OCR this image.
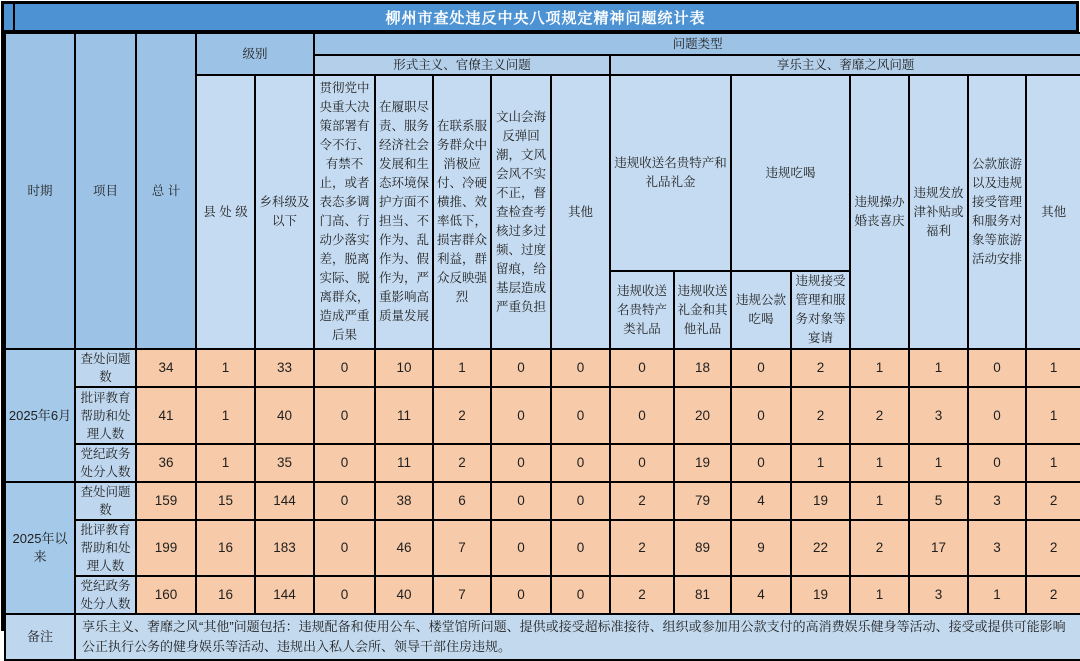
柳州市查处违反中央八项规定精神问题统计表
时期	项目	总 计	级别		问题类型												
					形式主义、官僚主义问题					享乐主义、奢靡之风问题							
			县 处 级	乡科级及以下	贯彻党中央重大决策部署有令不行、有禁不止，或者表态多调门高、行动少落实差，脱离实际、脱离群众，造成严重后果	在履职尽责、服务经济社会发展和生态环境保护方面不担当、不作为、乱作为、假作为，严重影响高质量发展	在联系服务群众中消极应付、冷硬横推、效率低下，损害群众利益，群众反映强烈	文山会海反弹回潮，文风会风不实不正，督查检查考核过多过频、过度留痕，给基层造成严重负担	其他	违规收送名贵特产和礼品礼金		违规吃喝		违规操办婚丧喜庆	违规发放津补贴或福利	公款旅游以及违规接受管理和服务对象等旅游活动安排	其他
										违规收送名贵特产类礼品	违规收送礼金和其他礼品	违规公款吃喝	违规接受管理和服务对象等宴请				
2025年6月	查处问题数	34	1	33	0	10	1	0	0	0	18	0	2	1	1	0	1
	批评教育帮助和处理人数	41	1	40	0	11	2	0	0	0	20	0	2	2	3	0	1
	党纪政务处分人数	36	1	35	0	11	2	0	0	0	19	0	1	1	1	0	1
2025年以来	查处问题数	159	15	144	0	38	6	0	0	2	79	4	19	1	5	3	2
	批评教育帮助和处理人数	199	16	183	0	46	7	0	0	2	89	9	22	2	17	3	2
	党纪政务处分人数	160	16	144	0	40	7	0	0	2	81	4	19	1	3	1	2
备注	享乐主义、奢靡之风“其他”问题包括：违规配备和使用公车、楼堂馆所问题、提供或接受超标准接待、组织或参加用公款支付的高消费娱乐健身等活动、接受或提供可能影响公正执行公务的健身娱乐等活动、违规出入私人会所、领导干部住房违规。																
